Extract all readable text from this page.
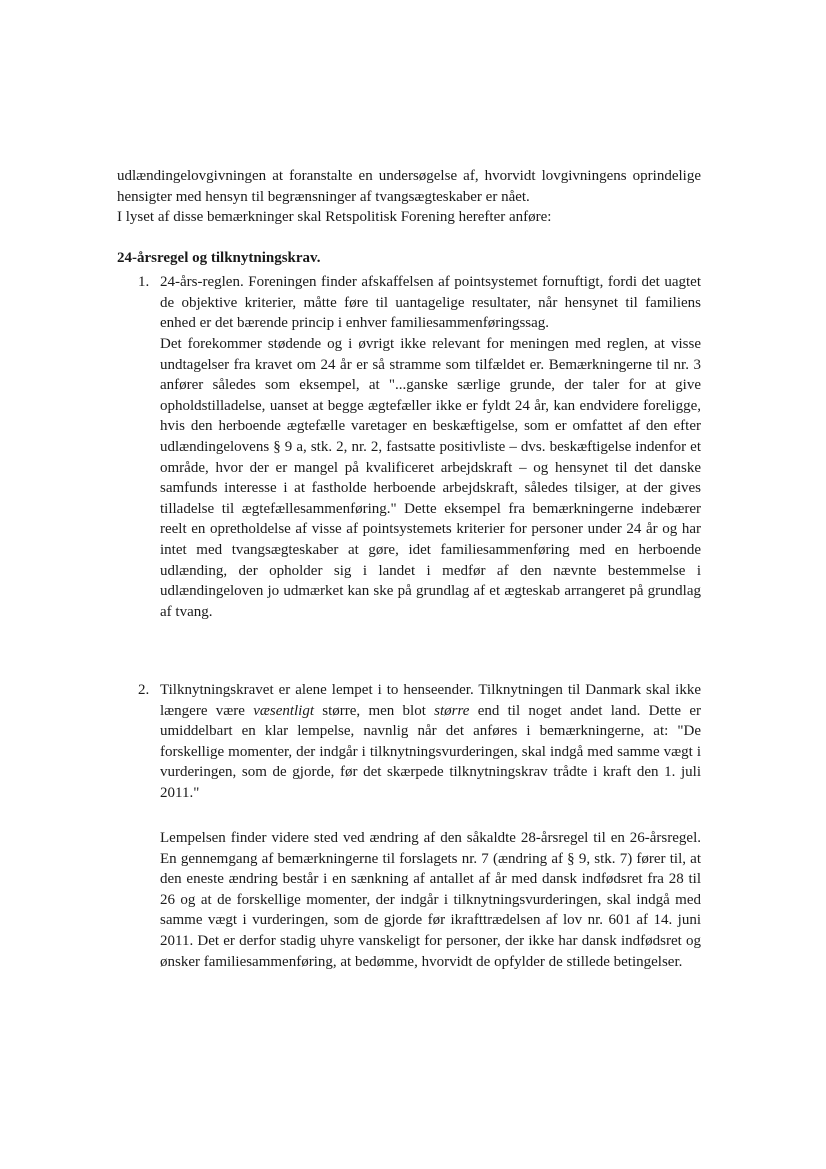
udlændingelovgivningen at foranstalte en undersøgelse af, hvorvidt lovgivningens oprindelige hensigter med hensyn til begrænsninger af tvangsægteskaber er nået.
I lyset af disse bemærkninger skal Retspolitisk Forening herefter anføre:

24-årsregel og tilknytningskrav.
1. 24-års-reglen. Foreningen finder afskaffelsen af pointsystemet fornuftigt, fordi det uagtet de objektive kriterier, måtte føre til uantagelige resultater, når hensynet til familiens enhed er det bærende princip i enhver familiesammenføringssag.

Det forekommer stødende og i øvrigt ikke relevant for meningen med reglen, at visse undtagelser fra kravet om 24 år er så stramme som tilfældet er. Bemærkningerne til nr. 3 anfører således som eksempel, at "...ganske særlige grunde, der taler for at give opholdstilladelse, uanset at begge ægtefæller ikke er fyldt 24 år, kan endvidere foreligge, hvis den herboende ægtefælle varetager en beskæftigelse, som er omfattet af den efter udlændingelovens § 9 a, stk. 2, nr. 2, fastsatte positivliste – dvs. beskæftigelse indenfor et område, hvor der er mangel på kvalificeret arbejdskraft – og hensynet til det danske samfunds interesse i at fastholde herboende arbejdskraft, således tilsiger, at der gives tilladelse til ægtefællesammenføring." Dette eksempel fra bemærkningerne indebærer reelt en opretholdelse af visse af pointsystemets kriterier for personer under 24 år og har intet med tvangsægteskaber at gøre, idet familiesammenføring med en herboende udlænding, der opholder sig i landet i medfør af den nævnte bestemmelse i udlændingeloven jo udmærket kan ske på grundlag af et ægteskab arrangeret på grundlag af tvang.

2. Tilknytningskravet er alene lempet i to henseender. Tilknytningen til Danmark skal ikke længere være væsentligt større, men blot større end til noget andet land. Dette er umiddelbart en klar lempelse, navnlig når det anføres i bemærkningerne, at: "De forskellige momenter, der indgår i tilknytningsvurderingen, skal indgå med samme vægt i vurderingen, som de gjorde, før det skærpede tilknytningskrav trådte i kraft den 1. juli 2011."

Lempelsen finder videre sted ved ændring af den såkaldte 28-årsregel til en 26-årsregel. En gennemgang af bemærkningerne til forslagets nr. 7 (ændring af § 9, stk. 7) fører til, at den eneste ændring består i en sænkning af antallet af år med dansk indfødsret fra 28 til 26 og at de forskellige momenter, der indgår i tilknytningsvurderingen, skal indgå med samme vægt i vurderingen, som de gjorde før ikrafttrædelsen af lov nr. 601 af 14. juni 2011. Det er derfor stadig uhyre vanskeligt for personer, der ikke har dansk indfødsret og ønsker familiesammenføring, at bedømme, hvorvidt de opfylder de stillede betingelser.
